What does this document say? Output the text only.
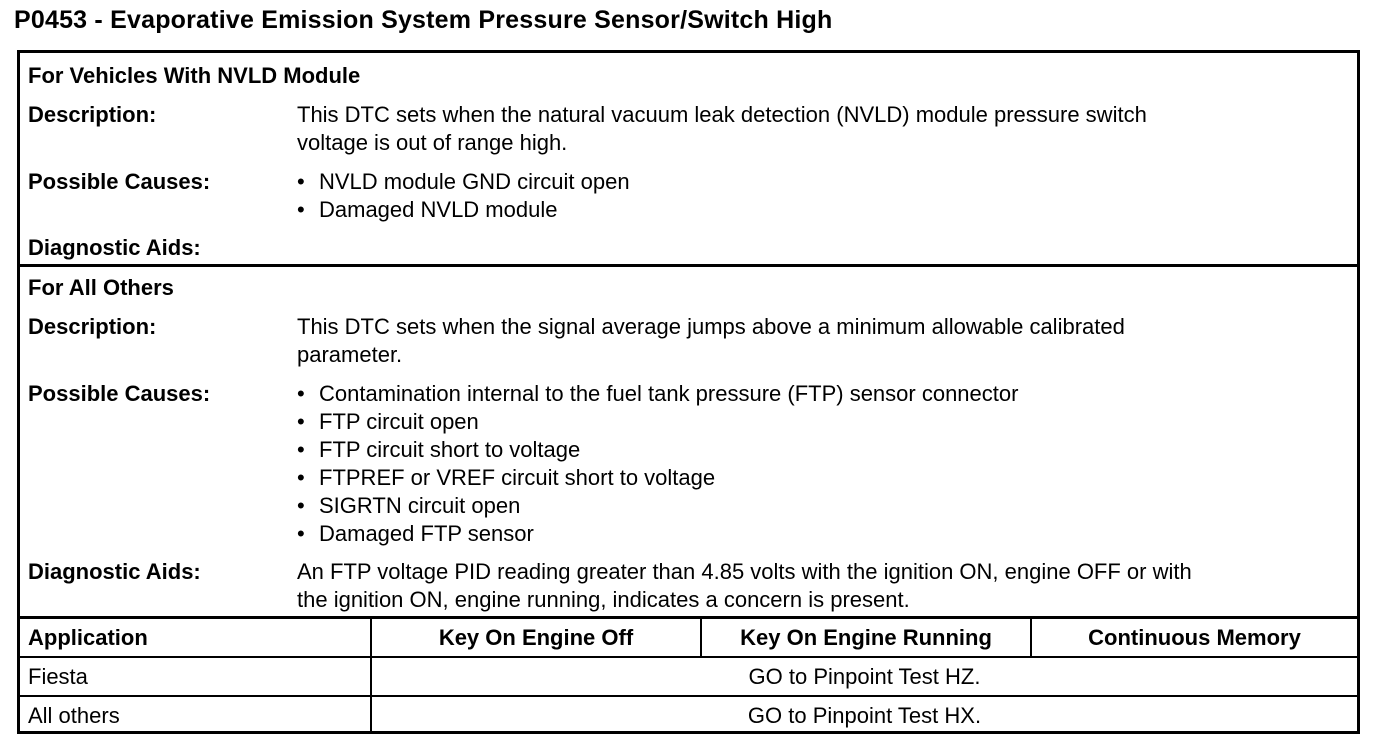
P0453 - Evaporative Emission System Pressure Sensor/Switch High
For Vehicles With NVLD Module
Description:	This DTC sets when the natural vacuum leak detection (NVLD) module pressure switch
voltage is out of range high.
Possible Causes:	• NVLD module GND circuit open
• Damaged NVLD module
Diagnostic Aids:
For All Others
Description:	This DTC sets when the signal average jumps above a minimum allowable calibrated
parameter.
Possible Causes:	• Contamination internal to the fuel tank pressure (FTP) sensor connector
• FTP circuit open
• FTP circuit short to voltage
• FTPREF or VREF circuit short to voltage
• SIGRTN circuit open
• Damaged FTP sensor
Diagnostic Aids:	An FTP voltage PID reading greater than 4.85 volts with the ignition ON, engine OFF or with
the ignition ON, engine running, indicates a concern is present.
Application	Key On Engine Off	Key On Engine Running	Continuous Memory
Fiesta	GO to Pinpoint Test HZ.
All others	GO to Pinpoint Test HX.
